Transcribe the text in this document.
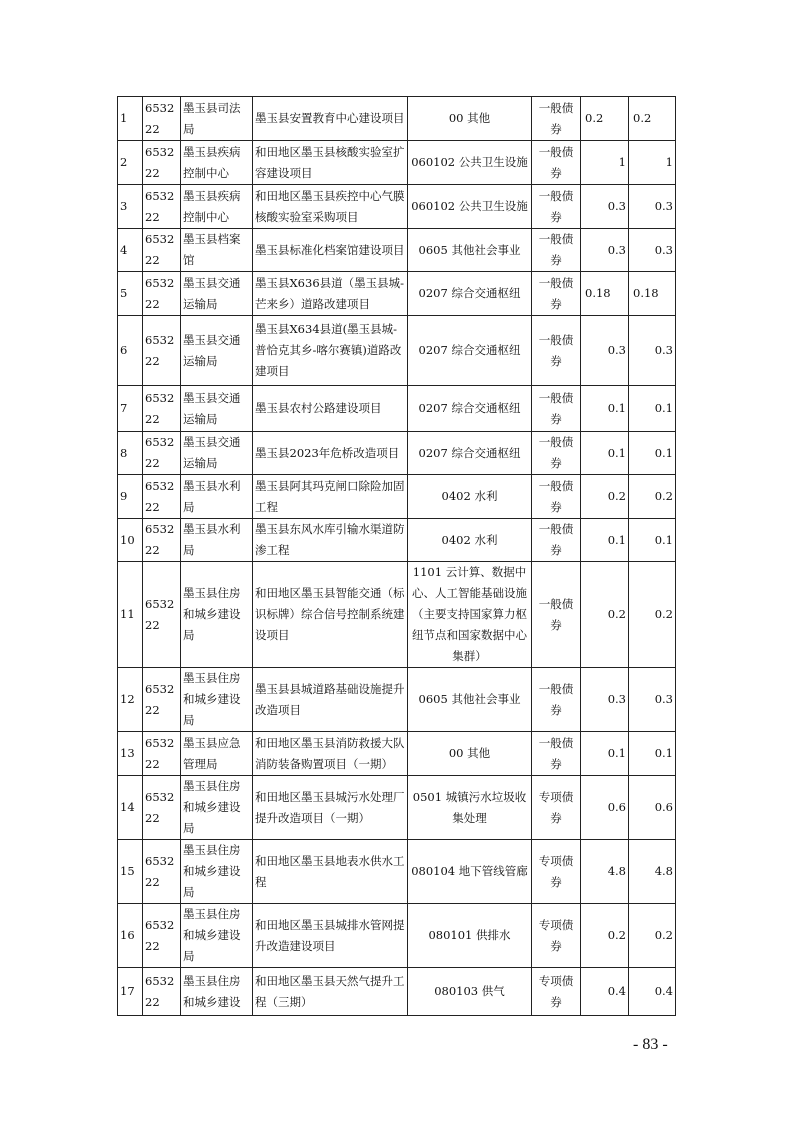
1	653222	墨玉县司法局	墨玉县安置教育中心建设项目	00 其他	一般债券	0.2	0.2
2	653222	墨玉县疾病控制中心	和田地区墨玉县核酸实验室扩容建设项目	060102 公共卫生设施	一般债券	1	1
3	653222	墨玉县疾病控制中心	和田地区墨玉县疾控中心气膜核酸实验室采购项目	060102 公共卫生设施	一般债券	0.3	0.3
4	653222	墨玉县档案馆	墨玉县标准化档案馆建设项目	0605 其他社会事业	一般债券	0.3	0.3
5	653222	墨玉县交通运输局	墨玉县X636县道（墨玉县城-芒来乡）道路改建项目	0207 综合交通枢纽	一般债券	0.18	0.18
6	653222	墨玉县交通运输局	墨玉县X634县道(墨玉县城-普恰克其乡-喀尔赛镇)道路改建项目	0207 综合交通枢纽	一般债券	0.3	0.3
7	653222	墨玉县交通运输局	墨玉县农村公路建设项目	0207 综合交通枢纽	一般债券	0.1	0.1
8	653222	墨玉县交通运输局	墨玉县2023年危桥改造项目	0207 综合交通枢纽	一般债券	0.1	0.1
9	653222	墨玉县水利局	墨玉县阿其玛克闸口除险加固工程	0402 水利	一般债券	0.2	0.2
10	653222	墨玉县水利局	墨玉县东风水库引输水渠道防渗工程	0402 水利	一般债券	0.1	0.1
11	653222	墨玉县住房和城乡建设局	和田地区墨玉县智能交通（标识标牌）综合信号控制系统建设项目	1101 云计算、数据中心、人工智能基础设施（主要支持国家算力枢纽节点和国家数据中心集群）	一般债券	0.2	0.2
12	653222	墨玉县住房和城乡建设局	墨玉县县城道路基础设施提升改造项目	0605 其他社会事业	一般债券	0.3	0.3
13	653222	墨玉县应急管理局	和田地区墨玉县消防救援大队消防装备购置项目（一期）	00 其他	一般债券	0.1	0.1
14	653222	墨玉县住房和城乡建设局	和田地区墨玉县城污水处理厂提升改造项目（一期）	0501 城镇污水垃圾收集处理	专项债券	0.6	0.6
15	653222	墨玉县住房和城乡建设局	和田地区墨玉县地表水供水工程	080104 地下管线管廊	专项债券	4.8	4.8
16	653222	墨玉县住房和城乡建设局	和田地区墨玉县城排水管网提升改造建设项目	080101 供排水	专项债券	0.2	0.2
17	653222	墨玉县住房和城乡建设	和田地区墨玉县天然气提升工程（三期）	080103 供气	专项债券	0.4	0.4
- 83 -
